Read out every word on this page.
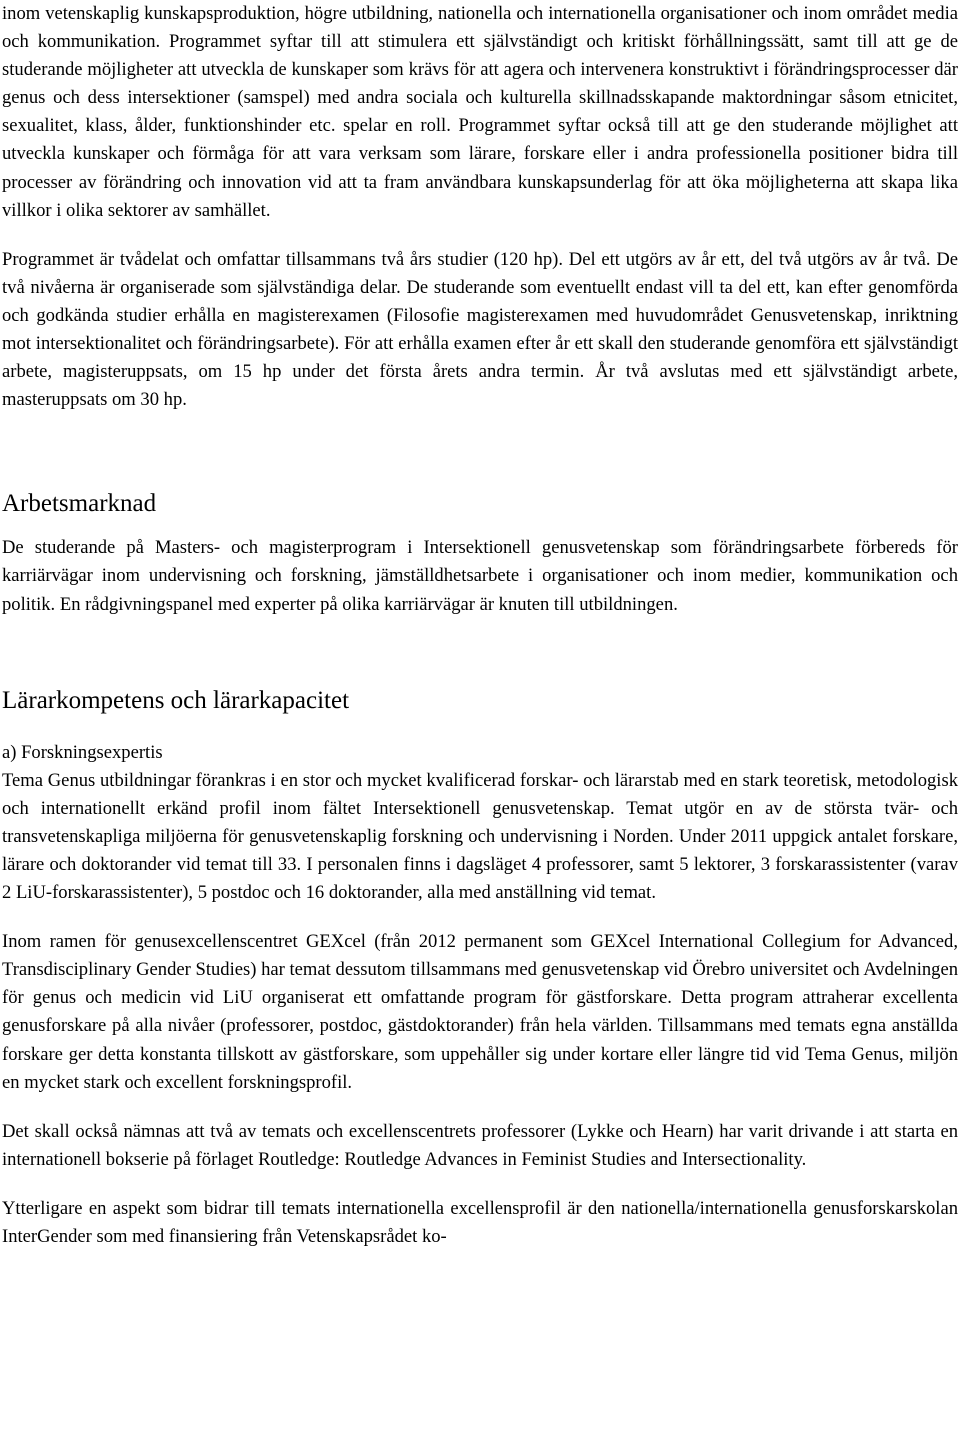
inom vetenskaplig kunskapsproduktion, högre utbildning, nationella och internationella organisationer och inom området media och kommunikation. Programmet syftar till att stimulera ett självständigt och kritiskt förhållningssätt, samt till att ge de studerande möjligheter att utveckla de kunskaper som krävs för att agera och intervenera konstruktivt i förändringsprocesser där genus och dess intersektioner (samspel) med andra sociala och kulturella skillnadsskapande maktordningar såsom etnicitet, sexualitet, klass, ålder, funktionshinder etc. spelar en roll. Programmet syftar också till att ge den studerande möjlighet att utveckla kunskaper och förmåga för att vara verksam som lärare, forskare eller i andra professionella positioner bidra till processer av förändring och innovation vid att ta fram användbara kunskapsunderlag för att öka möjligheterna att skapa lika villkor i olika sektorer av samhället.

Programmet är tvådelat och omfattar tillsammans två års studier (120 hp). Del ett utgörs av år ett, del två utgörs av år två. De två nivåerna är organiserade som självständiga delar. De studerande som eventuellt endast vill ta del ett, kan efter genomförda och godkända studier erhålla en magisterexamen (Filosofie magisterexamen med huvudområdet Genusvetenskap, inriktning mot intersektionalitet och förändringsarbete). För att erhålla examen efter år ett skall den studerande genomföra ett självständigt arbete, magisteruppsats, om 15 hp under det första årets andra termin. År två avslutas med ett självständigt arbete, masteruppsats om 30 hp.

Arbetsmarknad

De studerande på Masters- och magisterprogram i Intersektionell genusvetenskap som förändringsarbete förbereds för karriärvägar inom undervisning och forskning, jämställdhetsarbete i organisationer och inom medier, kommunikation och politik. En rådgivningspanel med experter på olika karriärvägar är knuten till utbildningen.

Lärarkompetens och lärarkapacitet
a) Forskningsexpertis

Tema Genus utbildningar förankras i en stor och mycket kvalificerad forskar- och lärarstab med en stark teoretisk, metodologisk och internationellt erkänd profil inom fältet Intersektionell genusvetenskap. Temat utgör en av de största tvär- och transvetenskapliga miljöerna för genusvetenskaplig forskning och undervisning i Norden. Under 2011 uppgick antalet forskare, lärare och doktorander vid temat till 33. I personalen finns i dagsläget 4 professorer, samt 5 lektorer, 3 forskarassistenter (varav 2 LiU-forskarassistenter), 5 postdoc och 16 doktorander, alla med anställning vid temat.

Inom ramen för genusexcellenscentret GEXcel (från 2012 permanent som GEXcel International Collegium for Advanced, Transdisciplinary Gender Studies) har temat dessutom tillsammans med genusvetenskap vid Örebro universitet och Avdelningen för genus och medicin vid LiU organiserat ett omfattande program för gästforskare. Detta program attraherar excellenta genusforskare på alla nivåer (professorer, postdoc, gästdoktorander) från hela världen. Tillsammans med temats egna anställda forskare ger detta konstanta tillskott av gästforskare, som uppehåller sig under kortare eller längre tid vid Tema Genus, miljön en mycket stark och excellent forskningsprofil.

Det skall också nämnas att två av temats och excellenscentrets professorer (Lykke och Hearn) har varit drivande i att starta en internationell bokserie på förlaget Routledge: Routledge Advances in Feminist Studies and Intersectionality.

Ytterligare en aspekt som bidrar till temats internationella excellensprofil är den nationella/internationella genusforskarskolan InterGender som med finansiering från Vetenskapsrådet ko-
